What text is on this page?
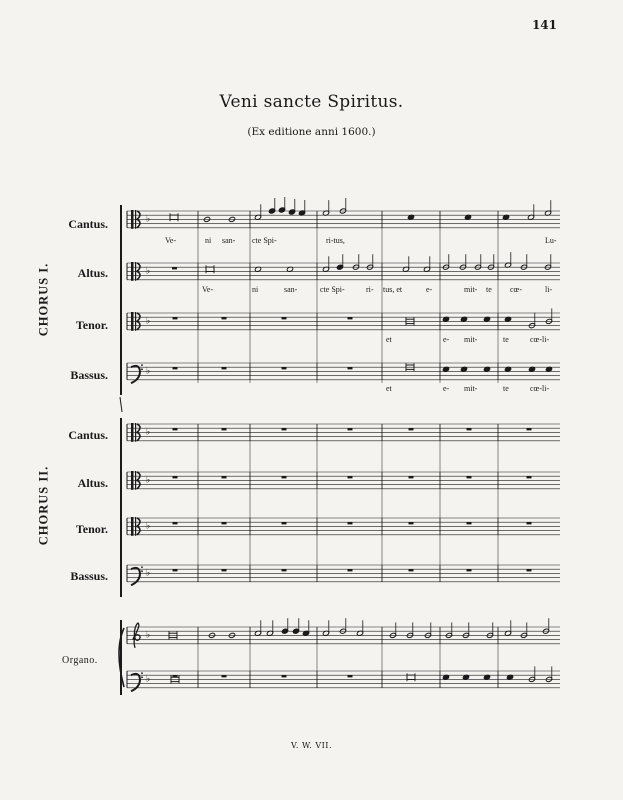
141
Veni sancte Spiritus.
(Ex editione anni 1600.)
CHORUS I.
CHORUS II.
Cantus.
Altus.
Tenor.
Bassus.
Cantus.
Altus.
Tenor.
Bassus.
Organo.
Ve-	ni san- cte Spi-	ri-tus,	Lu-
Ve-	ni	san-	cte Spi-	ri- tus, et	e-	mit- te cœ-	li-
et	e- mit-	te	cœ-li-
et	e- mit-	te	cœ-li-
♭
♭
♭
♭
♭
♭
♭
♭
♭
♭
V. W. VII.
